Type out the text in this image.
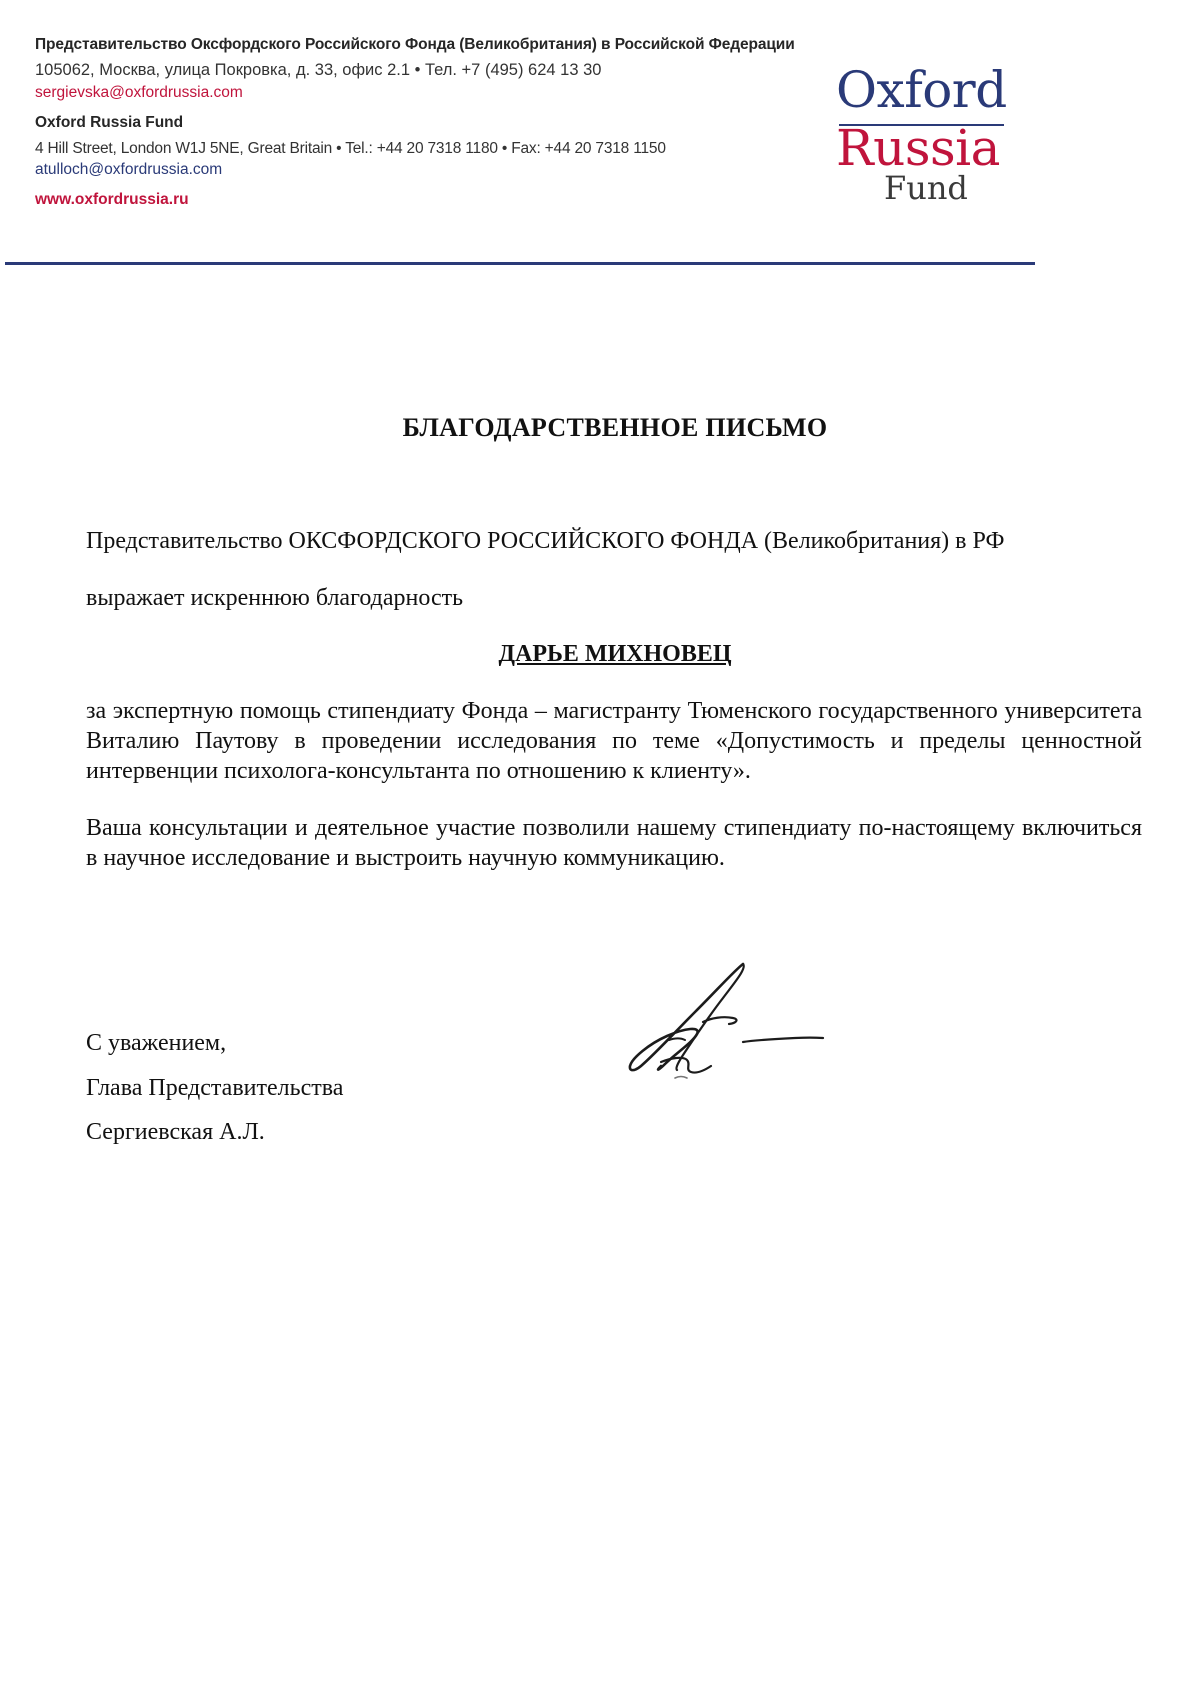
Представительство Оксфордского Российского Фонда (Великобритания) в Российской Федерации
105062, Москва, улица Покровка, д. 33, офис 2.1 • Тел. +7 (495) 624 13 30
sergievska@oxfordrussia.com
Oxford Russia Fund
4 Hill Street, London W1J 5NE, Great Britain • Tel.: +44 20 7318 1180 • Fax: +44 20 7318 1150
atulloch@oxfordrussia.com
www.oxfordrussia.ru
Oxford
Russia
Fund
БЛАГОДАРСТВЕННОЕ ПИСЬМО
Представительство ОКСФОРДСКОГО РОССИЙСКОГО ФОНДА (Великобритания) в РФ
выражает искреннюю благодарность
ДАРЬЕ МИХНОВЕЦ
за экспертную помощь стипендиату Фонда – магистранту Тюменского государственного университета Виталию Паутову в проведении исследования по теме «Допустимость и пределы ценностной интервенции психолога-консультанта по отношению к клиенту».
Ваша консультации и деятельное участие позволили нашему стипендиату по-настоящему включиться в научное исследование и выстроить научную коммуникацию.
С уважением,
Глава Представительства
Сергиевская А.Л.
